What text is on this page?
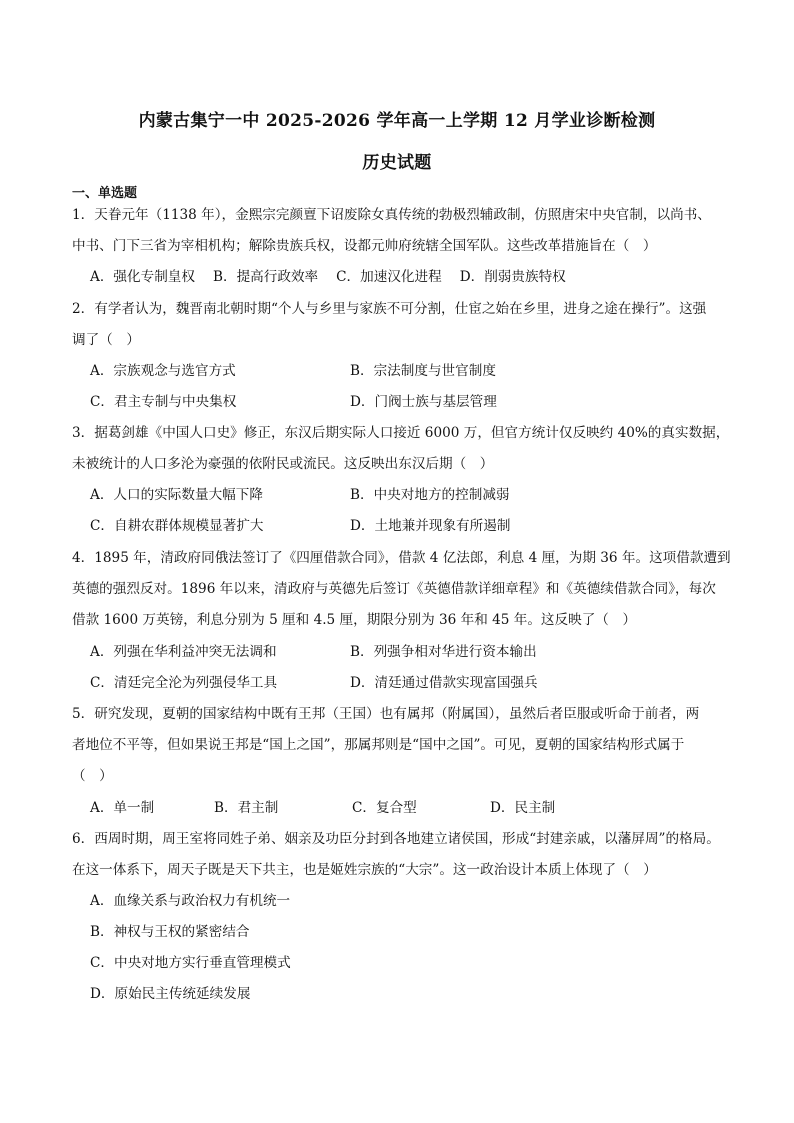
内蒙古集宁一中 2025-2026 学年高一上学期 12 月学业诊断检测
历史试题
一、单选题
1．天眷元年（1138 年），金熙宗完颜亶下诏废除女真传统的勃极烈辅政制，仿照唐宋中央官制，以尚书、
中书、门下三省为宰相机构；解除贵族兵权，设都元帅府统辖全国军队。这些改革措施旨在（　）
A．强化专制皇权 B．提高行政效率 C．加速汉化进程 D．削弱贵族特权
2．有学者认为，魏晋南北朝时期“个人与乡里与家族不可分割，仕宦之始在乡里，进身之途在操行”。这强
调了（　）
A．宗族观念与选官方式	B．宗法制度与世官制度
C．君主专制与中央集权	D．门阀士族与基层管理
3．据葛剑雄《中国人口史》修正，东汉后期实际人口接近 6000 万，但官方统计仅反映约 40%的真实数据，
未被统计的人口多沦为豪强的依附民或流民。这反映出东汉后期（　）
A．人口的实际数量大幅下降	B．中央对地方的控制减弱
C．自耕农群体规模显著扩大	D．土地兼并现象有所遏制
4．1895 年，清政府同俄法签订了《四厘借款合同》，借款 4 亿法郎，利息 4 厘，为期 36 年。这项借款遭到
英德的强烈反对。1896 年以来，清政府与英德先后签订《英德借款详细章程》和《英德续借款合同》，每次
借款 1600 万英镑，利息分别为 5 厘和 4.5 厘，期限分别为 36 年和 45 年。这反映了（　）
A．列强在华利益冲突无法调和	B．列强争相对华进行资本输出
C．清廷完全沦为列强侵华工具	D．清廷通过借款实现富国强兵
5．研究发现，夏朝的国家结构中既有王邦（王国）也有属邦（附属国），虽然后者臣服或听命于前者，两
者地位不平等，但如果说王邦是“国上之国”，那属邦则是“国中之国”。可见，夏朝的国家结构形式属于
（　）
A．单一制	B．君主制	C．复合型	D．民主制
6．西周时期，周王室将同姓子弟、姻亲及功臣分封到各地建立诸侯国，形成“封建亲戚，以藩屏周”的格局。
在这一体系下，周天子既是天下共主，也是姬姓宗族的“大宗”。这一政治设计本质上体现了（　）
A．血缘关系与政治权力有机统一
B．神权与王权的紧密结合
C．中央对地方实行垂直管理模式
D．原始民主传统延续发展
